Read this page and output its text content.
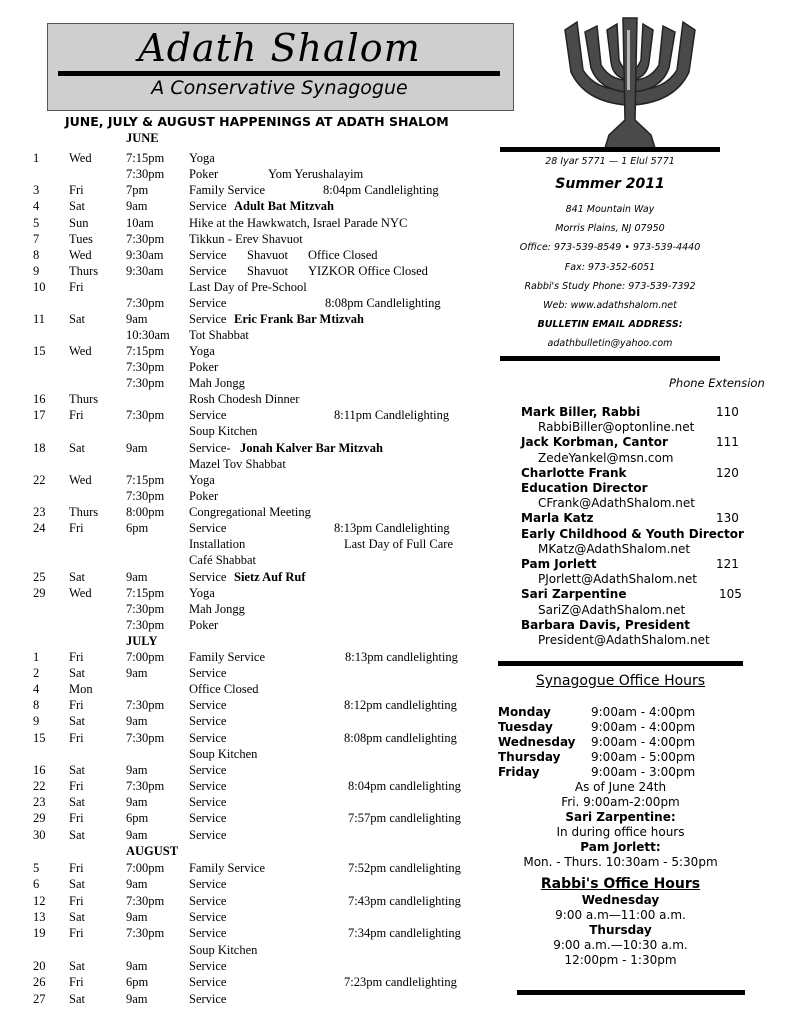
Adath Shalom
A Conservative Synagogue
JUNE, JULY & AUGUST HAPPENINGS AT ADATH SHALOM
1 Wed	7:15pm Yoga
7:30pm Poker	Yom Yerushalayim
3 Fri	7pm	Family Service	8:04pm Candlelighting
4 Sat	9am	Service Adult Bat Mitzvah
5 Sun	10am	Hike at the Hawkwatch, Israel Parade NYC
7 Tues	7:30pm Tikkun - Erev Shavuot
8 Wed	9:30am Service Shavuot Office Closed
9 Thurs 9:30am Service Shavuot YIZKOR Office Closed
10 Fri	Last Day of Pre-School
7:30pm Service	8:08pm Candlelighting
11 Sat	9am	Service Eric Frank Bar Mtizvah
10:30am Tot Shabbat
15 Wed	7:15pm Yoga
7:30pm Poker
7:30pm Mah Jongg
16 Thurs	Rosh Chodesh Dinner
17 Fri	7:30pm Service	8:11pm Candlelighting
Soup Kitchen
18 Sat	9am	Service- Jonah Kalver Bar Mitzvah
Mazel Tov Shabbat
22 Wed	7:15pm Yoga
7:30pm Poker
23 Thurs 8:00pm Congregational Meeting
24 Fri	6pm	Service	8:13pm Candlelighting
Installation	Last Day of Full Care
Café Shabbat
25 Sat	9am	Service Sietz Auf Ruf
29 Wed	7:15pm Yoga
7:30pm Mah Jongg
7:30pm Poker
1 Fri	7:00pm Family Service	8:13pm candlelighting
2 Sat	9am	Service
4 Mon	Office Closed
8 Fri	7:30pm Service	8:12pm candlelighting
9 Sat	9am	Service
15 Fri	7:30pm Service	8:08pm candlelighting
Soup Kitchen
16 Sat	9am	Service
22 Fri	7:30pm Service	8:04pm candlelighting
23 Sat	9am	Service
29 Fri	6pm	Service	7:57pm candlelighting
30 Sat	9am	Service
5 Fri	7:00pm Family Service	7:52pm candlelighting
6 Sat	9am	Service
12 Fri	7:30pm Service	7:43pm candlelighting
13 Sat	9am	Service
19 Fri	7:30pm Service	7:34pm candlelighting
Soup Kitchen
20 Sat	9am	Service
26 Fri	6pm	Service	7:23pm candlelighting
27 Sat	9am	Service
JUNE
JULY
AUGUST
28 Iyar 5771 — 1 Elul 5771
Summer 2011
841 Mountain Way
Morris Plains, NJ 07950
Office: 973-539-8549 • 973-539-4440
Fax: 973-352-6051
Rabbi's Study Phone: 973-539-7392
Web: www.adathshalom.net
BULLETIN EMAIL ADDRESS:
adathbulletin@yahoo.com
Phone Extension
Mark Biller, Rabbi	110
RabbiBiller@optonline.net
Jack Korbman, Cantor	111
ZedeYankel@msn.com
Charlotte Frank	120
Education Director
CFrank@AdathShalom.net
Marla Katz	130
Early Childhood & Youth Director
MKatz@AdathShalom.net
Pam Jorlett	121
PJorlett@AdathShalom.net
Sari Zarpentine	105
SariZ@AdathShalom.net
Barbara Davis, President
President@AdathShalom.net
Synagogue Office Hours
Monday	9:00am - 4:00pm
Tuesday	9:00am - 4:00pm
Wednesday 9:00am - 4:00pm
Thursday	9:00am - 5:00pm
Friday	9:00am - 3:00pm
As of June 24th
Fri. 9:00am-2:00pm
Sari Zarpentine:
In during office hours
Pam Jorlett:
Mon. - Thurs. 10:30am - 5:30pm
Rabbi's Office Hours
Wednesday
9:00 a.m—11:00 a.m.
Thursday
9:00 a.m.—10:30 a.m.
12:00pm - 1:30pm
